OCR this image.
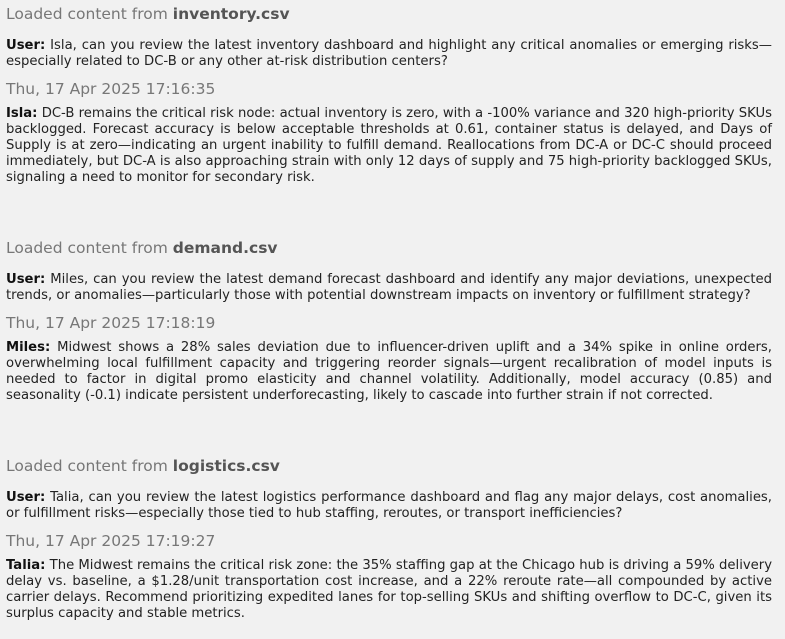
Loaded content from inventory.csv
User: Isla, can you review the latest inventory dashboard and highlight any critical anomalies or emerging risks—especially related to DC-B or any other at-risk distribution centers?
Thu, 17 Apr 2025 17:16:35
Isla: DC-B remains the critical risk node: actual inventory is zero, with a -100% variance and 320 high-priority SKUs backlogged. Forecast accuracy is below acceptable thresholds at 0.61, container status is delayed, and Days of Supply is at zero—indicating an urgent inability to fulfill demand. Reallocations from DC-A or DC-C should proceed immediately, but DC-A is also approaching strain with only 12 days of supply and 75 high-priority backlogged SKUs, signaling a need to monitor for secondary risk.
Loaded content from demand.csv
User: Miles, can you review the latest demand forecast dashboard and identify any major deviations, unexpected trends, or anomalies—particularly those with potential downstream impacts on inventory or fulfillment strategy?
Thu, 17 Apr 2025 17:18:19
Miles: Midwest shows a 28% sales deviation due to influencer-driven uplift and a 34% spike in online orders, overwhelming local fulfillment capacity and triggering reorder signals—urgent recalibration of model inputs is needed to factor in digital promo elasticity and channel volatility. Additionally, model accuracy (0.85) and seasonality (-0.1) indicate persistent underforecasting, likely to cascade into further strain if not corrected.
Loaded content from logistics.csv
User: Talia, can you review the latest logistics performance dashboard and flag any major delays, cost anomalies, or fulfillment risks—especially those tied to hub staffing, reroutes, or transport inefficiencies?
Thu, 17 Apr 2025 17:19:27
Talia: The Midwest remains the critical risk zone: the 35% staffing gap at the Chicago hub is driving a 59% delivery delay vs. baseline, a $1.28/unit transportation cost increase, and a 22% reroute rate—all compounded by active carrier delays. Recommend prioritizing expedited lanes for top-selling SKUs and shifting overflow to DC-C, given its surplus capacity and stable metrics.
